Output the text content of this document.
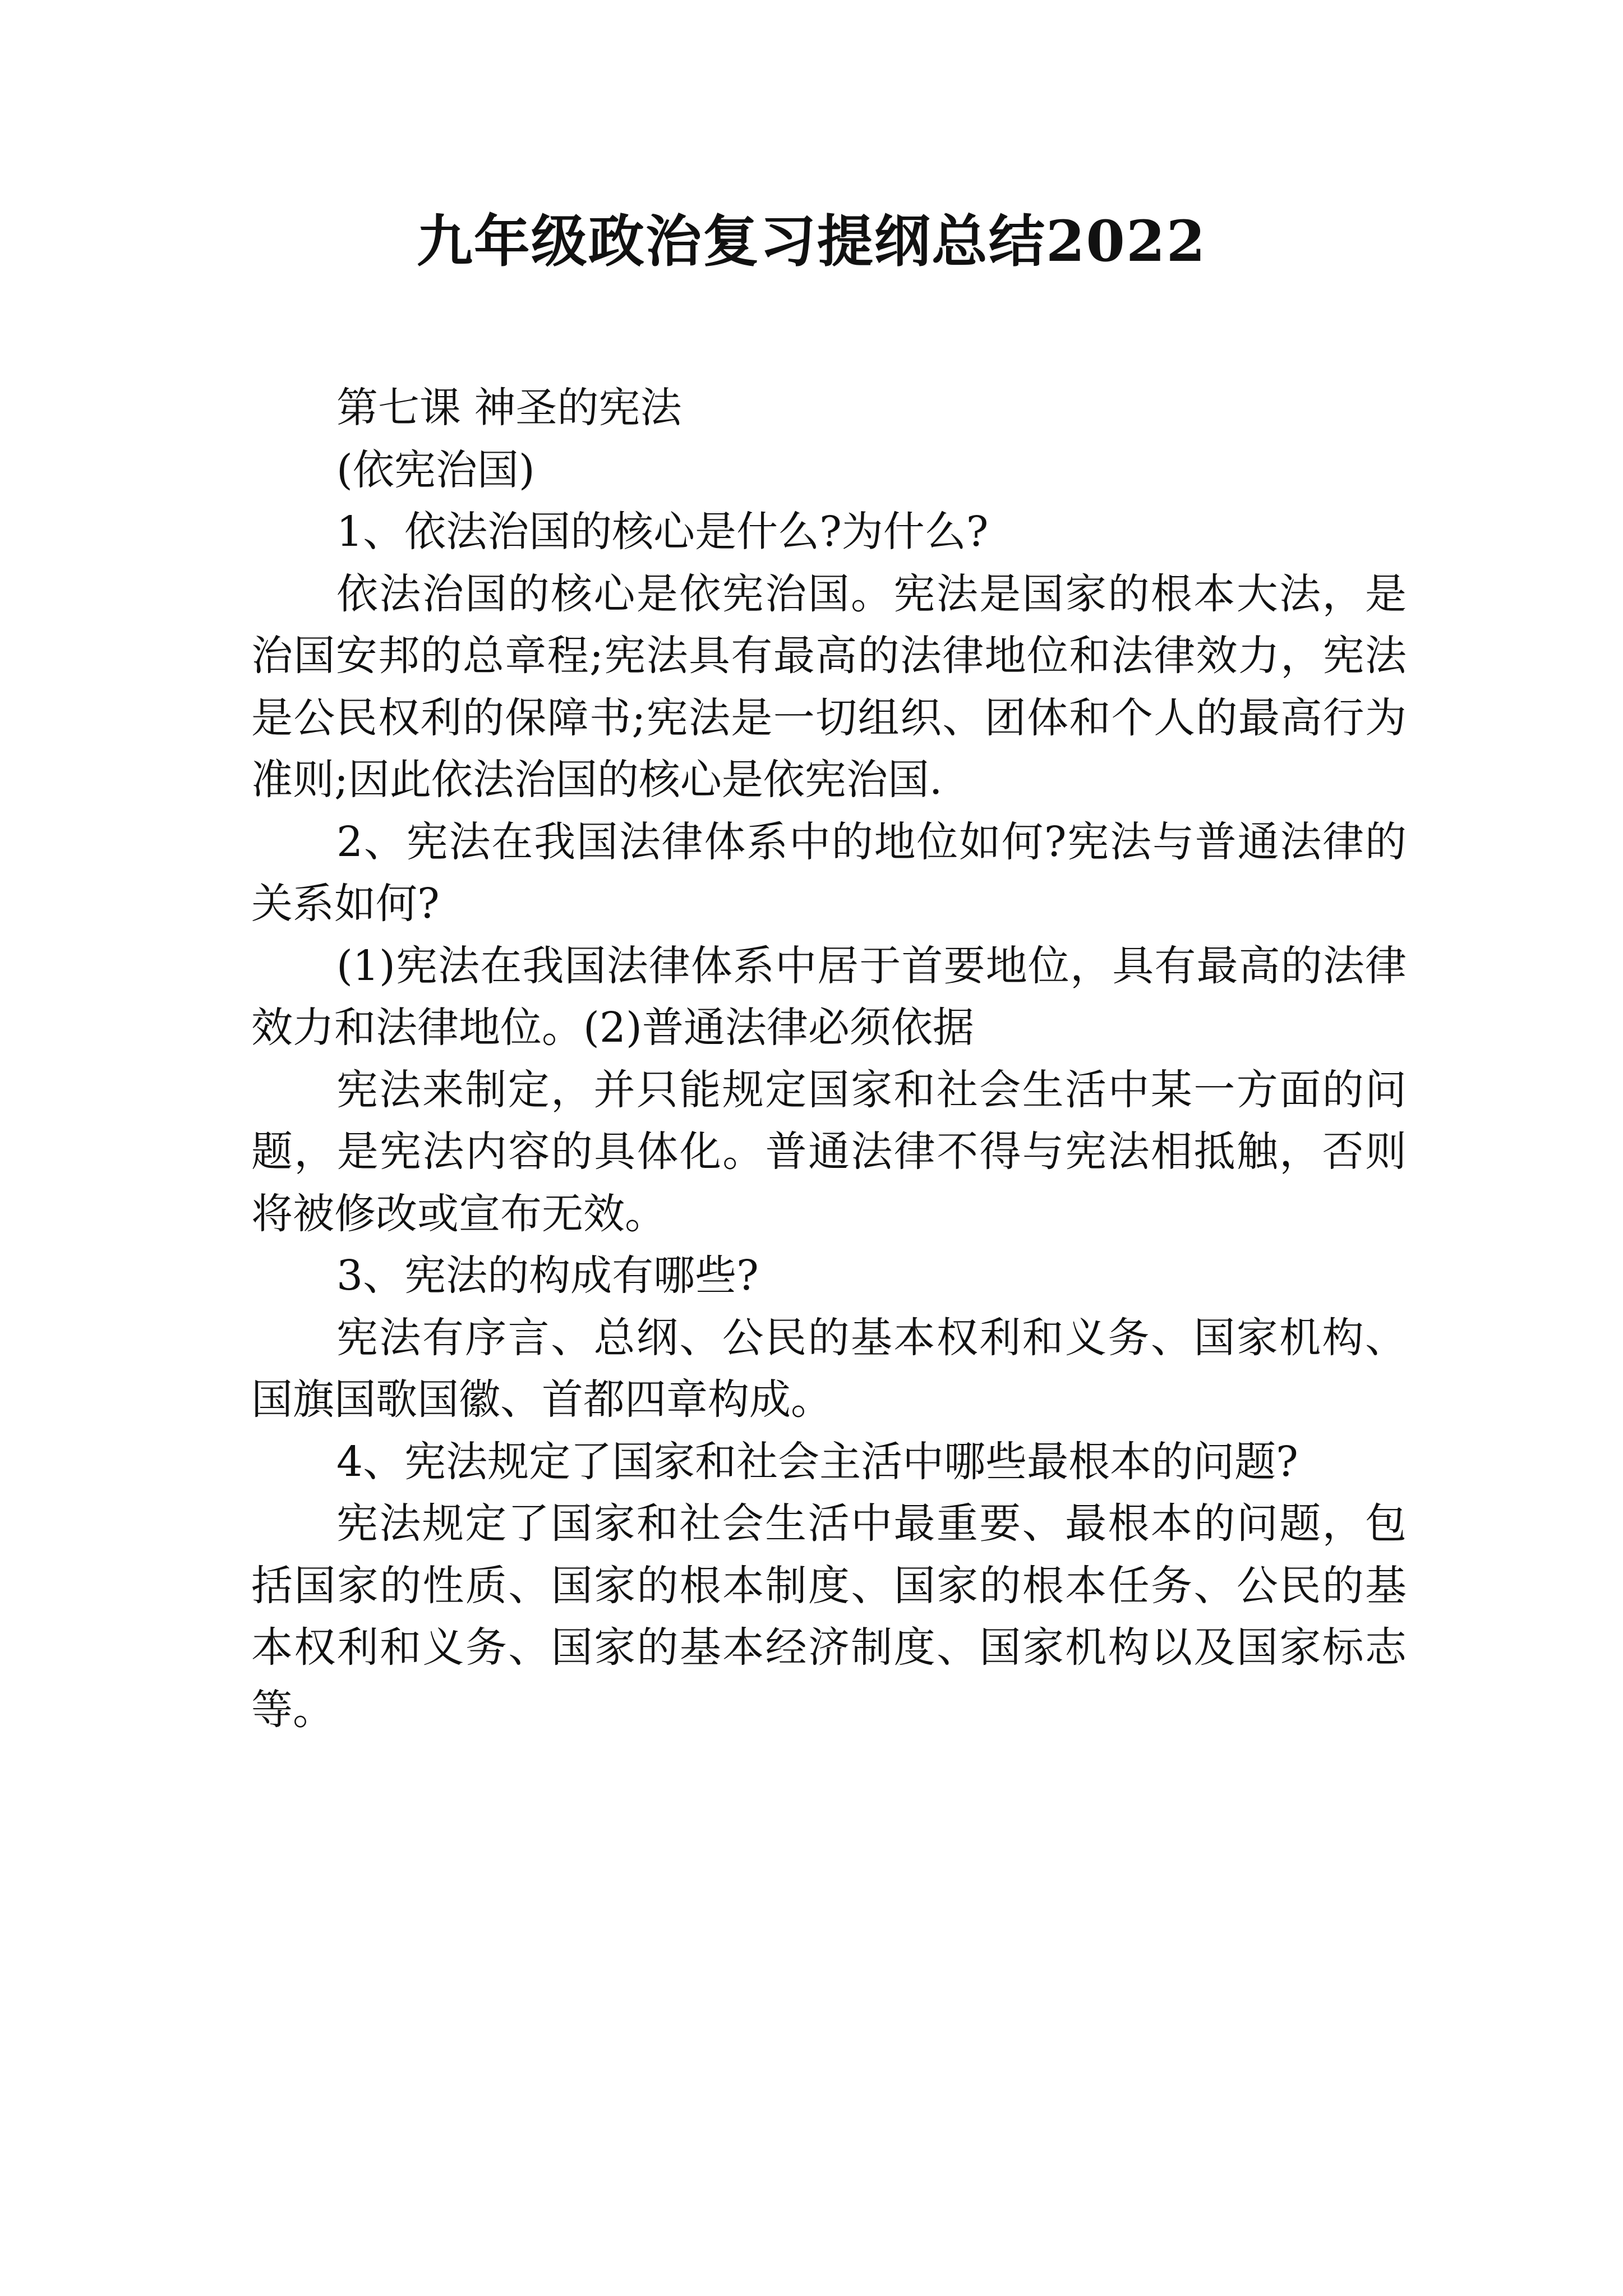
九年级政治复习提纲总结2022

第七课 神圣的宪法

(依宪治国)

1、依法治国的核心是什么?为什么?

依法治国的核心是依宪治国。宪法是国家的根本大法，是治国安邦的总章程;宪法具有最高的法律地位和法律效力，宪法是公民权利的保障书;宪法是一切组织、团体和个人的最高行为准则;因此依法治国的核心是依宪治国.

2、宪法在我国法律体系中的地位如何?宪法与普通法律的关系如何?

(1)宪法在我国法律体系中居于首要地位，具有最高的法律效力和法律地位。(2)普通法律必须依据

宪法来制定，并只能规定国家和社会生活中某一方面的问题，是宪法内容的具体化。普通法律不得与宪法相抵触，否则将被修改或宣布无效。

3、宪法的构成有哪些?

宪法有序言、总纲、公民的基本权利和义务、国家机构、国旗国歌国徽、首都四章构成。

4、宪法规定了国家和社会主活中哪些最根本的问题?

宪法规定了国家和社会生活中最重要、最根本的问题，包括国家的性质、国家的根本制度、国家的根本任务、公民的基本权利和义务、国家的基本经济制度、国家机构以及国家标志等。
